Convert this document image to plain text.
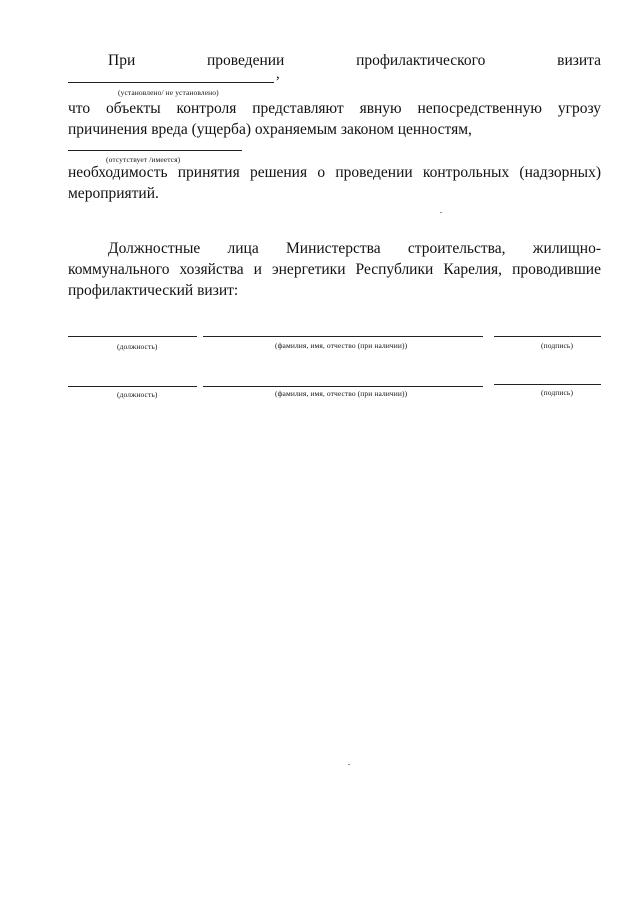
При	проведении	профилактического	визита
,
(установлено/ не установлено)

что объекты контроля представляют явную непосредственную угрозу причинения вреда (ущерба) охраняемым законом ценностям,

(отсутствует /имеется)

необходимость принятия решения о проведении контрольных (надзорных) мероприятий.

Должностные лица Министерства строительства, жилищно-коммунального хозяйства и энергетики Республики Карелия, проводившие профилактический визит:

(должность)	(фамилия, имя, отчество (при наличии))	(подпись)
(должность)	(фамилия, имя, отчество (при наличии))	(подпись)
